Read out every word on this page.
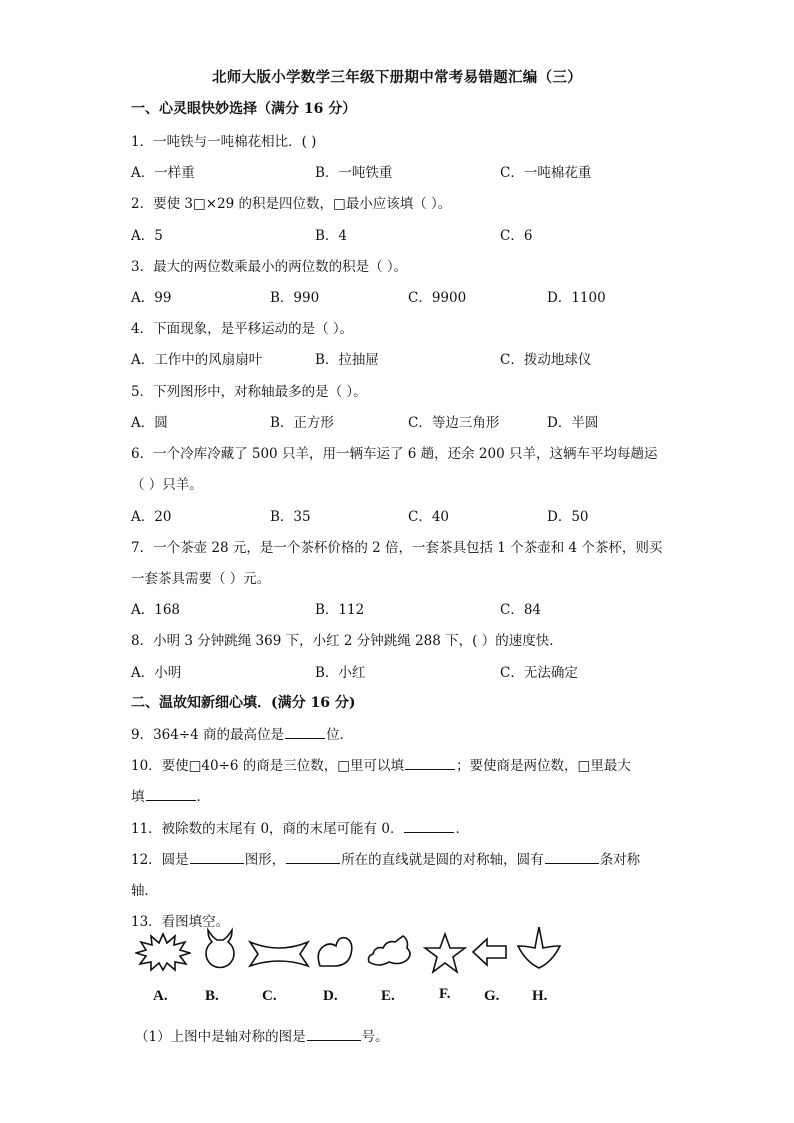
北师大版小学数学三年级下册期中常考易错题汇编（三）
一、心灵眼快妙选择（满分 16 分）
1．一吨铁与一吨棉花相比．( )
A．一样重	B．一吨铁重	C．一吨棉花重
2．要使 3□×29 的积是四位数，□最小应该填（ ）。
A．5	B．4	C．6
3．最大的两位数乘最小的两位数的积是（ ）。
A．99	B．990	C．9900	D．1100
4．下面现象，是平移运动的是（ ）。
A．工作中的风扇扇叶	B．拉抽屉	C．拨动地球仪
5．下列图形中，对称轴最多的是（ ）。
A．圆	B．正方形	C．等边三角形	D．半圆
6．一个冷库冷藏了 500 只羊，用一辆车运了 6 趟，还余 200 只羊，这辆车平均每趟运
（ ）只羊。
A．20	B．35	C．40	D．50
7．一个茶壶 28 元，是一个茶杯价格的 2 倍，一套茶具包括 1 个茶壶和 4 个茶杯，则买
一套茶具需要（ ）元。
A．168	B．112	C．84
8．小明 3 分钟跳绳 369 下，小红 2 分钟跳绳 288 下，( ）的速度快．
A．小明	B．小红	C．无法确定
二、温故知新细心填．(满分 16 分)
9．364÷4 商的最高位是	位．
10．要使□40÷6 的商是三位数，□里可以填	；要使商是两位数，□里最大
填	．
11．被除数的末尾有 0，商的末尾可能有 0．	．
12．圆是	图形，	所在的直线就是圆的对称轴，圆有	条对称
轴．
13．看图填空。
A. B.	C.	D.	E.	F. G. H.
（1）上图中是轴对称的图是	号。
